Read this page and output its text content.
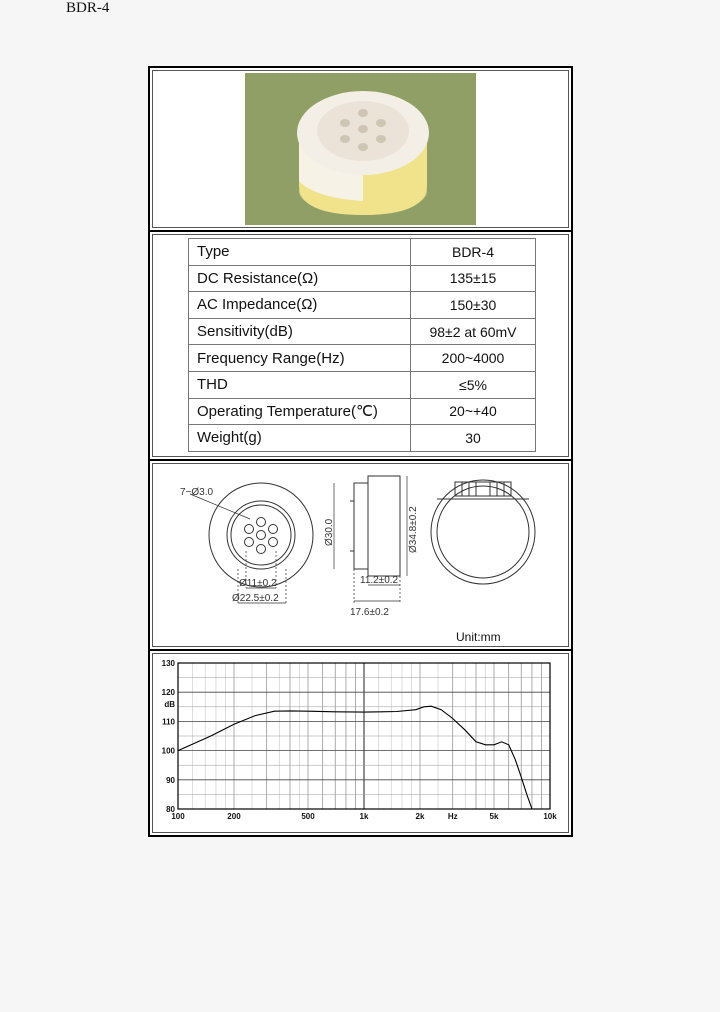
BDR-4
Type	BDR-4
DC Resistance(Ω)	135±15
AC Impedance(Ω)	150±30
Sensitivity(dB)	98±2 at 60mV
Frequency Range(Hz)	200~4000
THD	≤5%
Operating Temperature(℃)	20~+40
Weight(g)	30
7−Ø3.0
Ø11±0.2
Ø22.5±0.2
Ø30.0	Ø34.8±0.2
11.2±0.2
17.6±0.2
Unit:mm
130
120
dB
110
100
90
80
100	200	500	1k	2k	Hz	5k	10k
